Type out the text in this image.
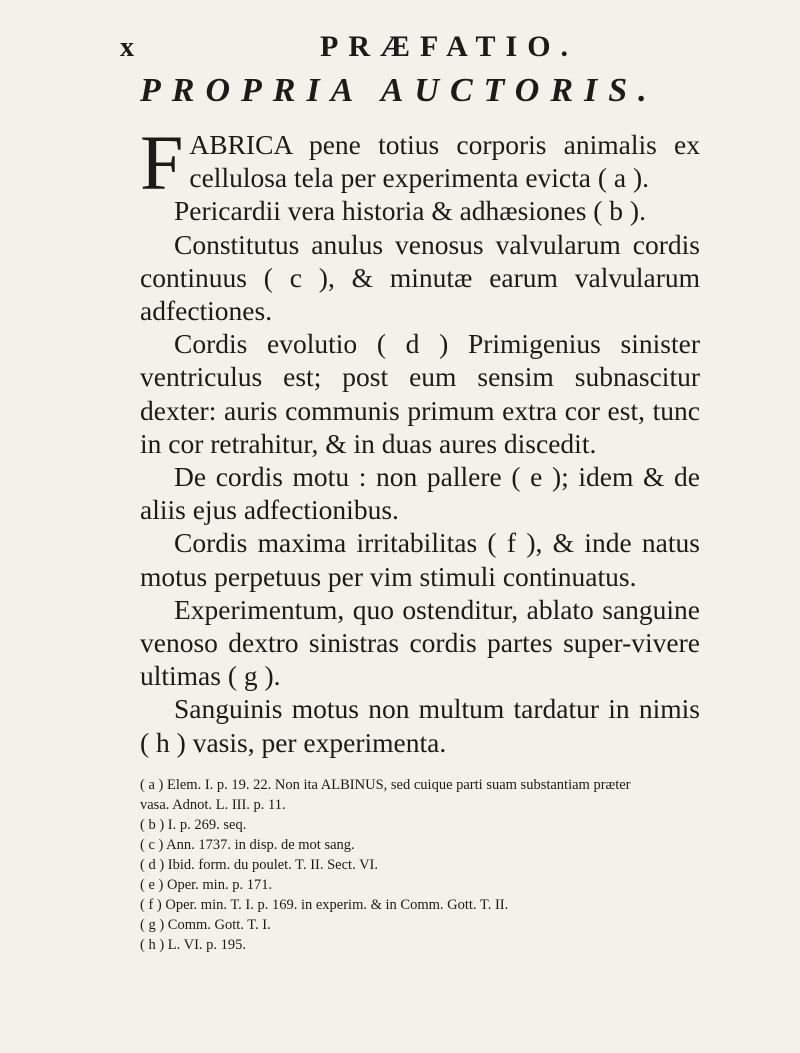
x	PRÆFATIO.
PROPRIA AUCTORIS.

FABRICA pene totius corporis animalis ex cellulosa tela per experimenta evicta ( a ).

Pericardii vera historia & adhæsiones ( b ).

Constitutus anulus venosus valvularum cordis continuus ( c ), & minutæ earum valvularum adfectiones.

Cordis evolutio ( d ) Primigenius sinister ventriculus est; post eum sensim subnascitur dexter: auris communis primum extra cor est, tunc in cor retrahitur, & in duas aures discedit.

De cordis motu : non pallere ( e ); idem & de aliis ejus adfectionibus.

Cordis maxima irritabilitas ( f ), & inde natus motus perpetuus per vim stimuli continuatus.

Experimentum, quo ostenditur, ablato sanguine venoso dextro sinistras cordis partes super-vivere ultimas ( g ).

Sanguinis motus non multum tardatur in nimis ( h ) vasis, per experimenta.

( a ) Elem. I. p. 19. 22. Non ita ALBINUS, sed cuique parti suam substantiam præter
vasa. Adnot. L. III. p. 11.
( b ) I. p. 269. seq.
( c ) Ann. 1737. in disp. de mot sang.
( d ) Ibid. form. du poulet. T. II. Sect. VI.
( e ) Oper. min. p. 171.
( f ) Oper. min. T. I. p. 169. in experim. & in Comm. Gott. T. II.
( g ) Comm. Gott. T. I.
( h ) L. VI. p. 195.
